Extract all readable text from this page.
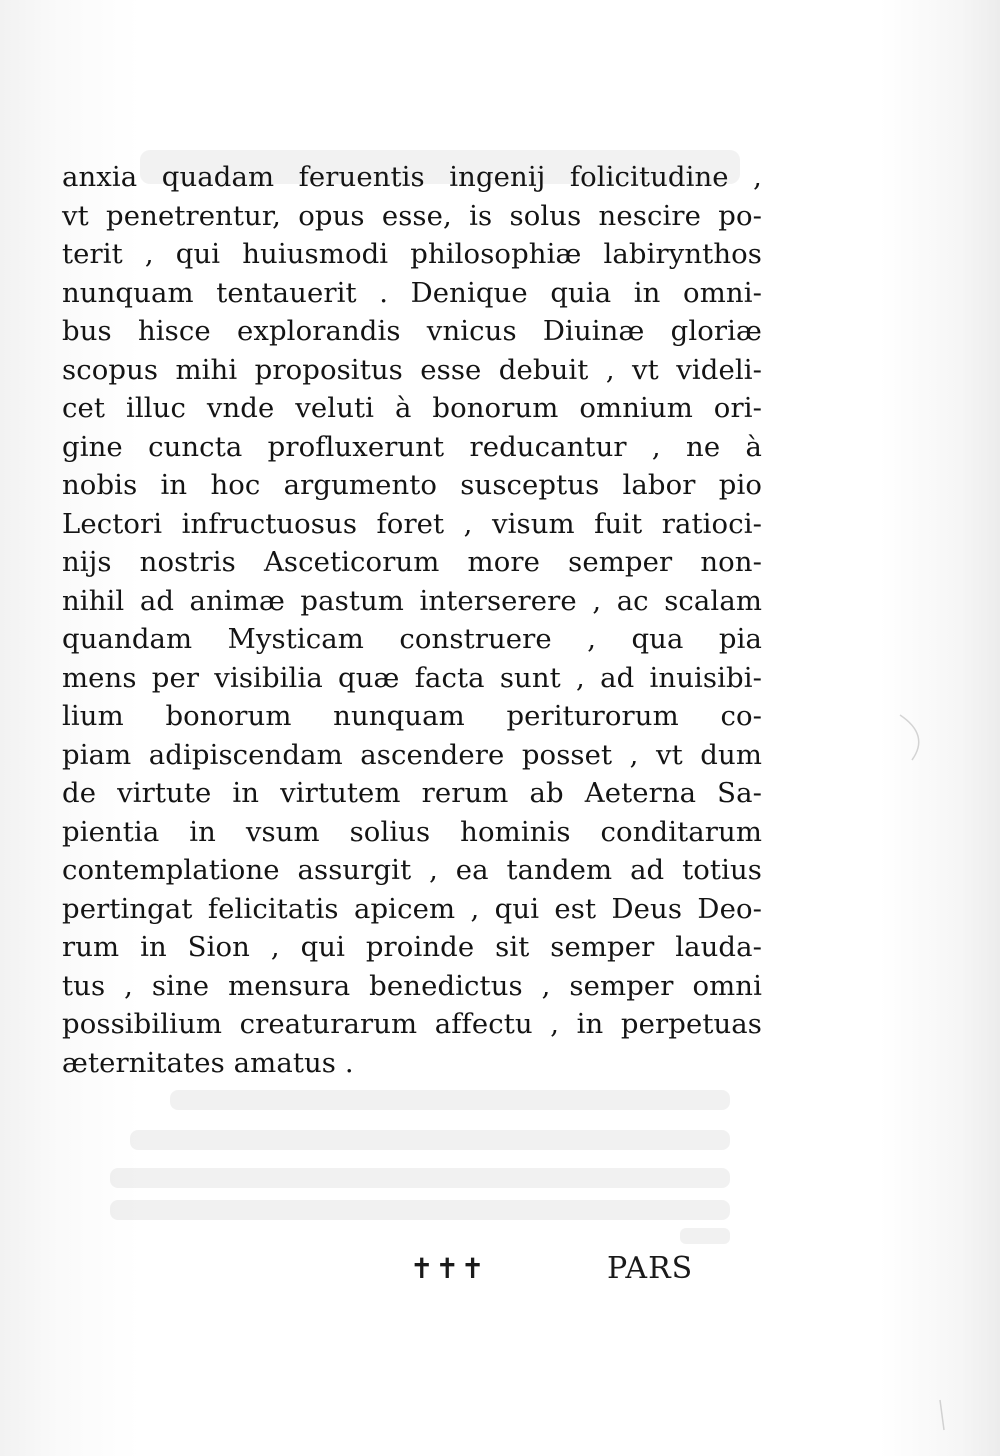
anxia quadam feruentis ingenij folicitudine ,
vt penetrentur, opus esse, is solus nescire po-
terit , qui huiusmodi philosophiæ labirynthos
nunquam tentauerit . Denique quia in omni-
bus hisce explorandis vnicus Diuinæ gloriæ
scopus mihi propositus esse debuit , vt videli-
cet illuc vnde veluti à bonorum omnium ori-
gine cuncta profluxerunt reducantur , ne à
nobis in hoc argumento susceptus labor pio
Lectori infructuosus foret , visum fuit ratioci-
nijs nostris Asceticorum more semper non-
nihil ad animæ pastum interserere , ac scalam
quandam Mysticam construere , qua pia
mens per visibilia quæ facta sunt , ad inuisibi-
lium bonorum nunquam periturorum co-
piam adipiscendam ascendere posset , vt dum
de virtute in virtutem rerum ab Aeterna Sa-
pientia in vsum solius hominis conditarum
contemplatione assurgit , ea tandem ad totius
pertingat felicitatis apicem , qui est Deus Deo-
rum in Sion , qui proinde sit semper lauda-
tus , sine mensura benedictus , semper omni
possibilium creaturarum affectu , in perpetuas
æternitates amatus .
✝✝✝	PARS
